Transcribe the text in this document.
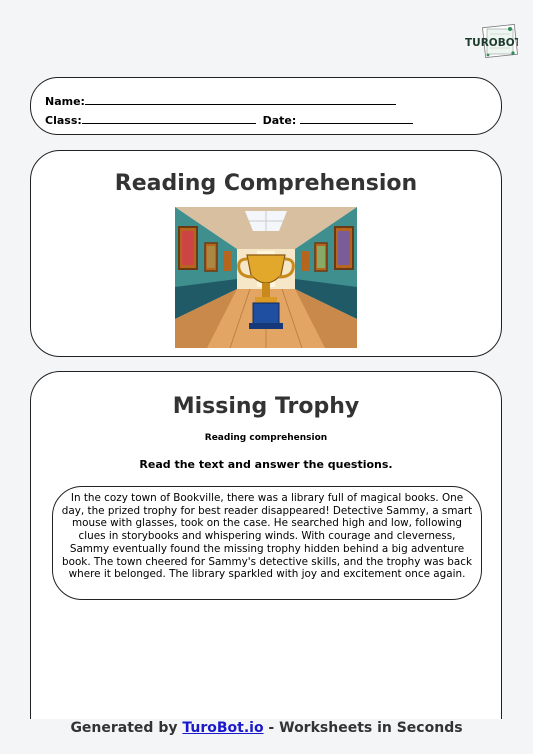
TUROBOT
Name:
Class:	Date:
Reading Comprehension
Missing Trophy
Reading comprehension
Read the text and answer the questions.
In the cozy town of Bookville, there was a library full of magical books. One day, the prized trophy for best reader disappeared! Detective Sammy, a smart mouse with glasses, took on the case. He searched high and low, following clues in storybooks and whispering winds. With courage and cleverness, Sammy eventually found the missing trophy hidden behind a big adventure book. The town cheered for Sammy's detective skills, and the trophy was back where it belonged. The library sparkled with joy and excitement once again.
Generated by TuroBot.io - Worksheets in Seconds
